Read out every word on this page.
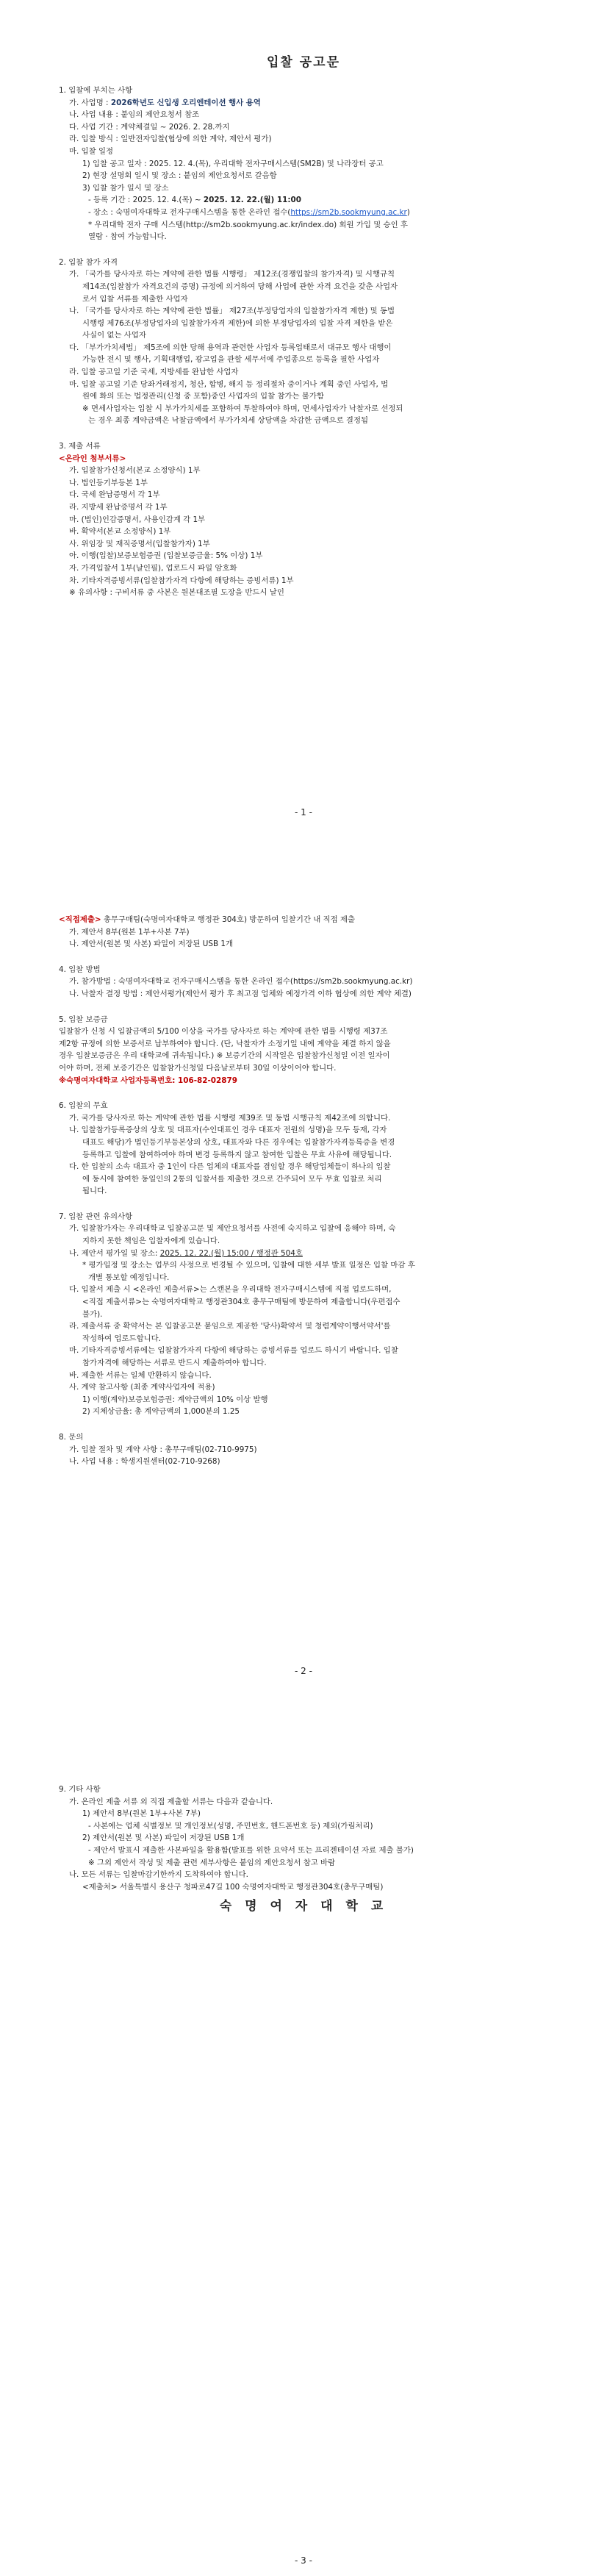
입찰 공고문
1. 입찰에 부치는 사항
가. 사업명 : 2026학년도 신입생 오리엔테이션 행사 용역
나. 사업 내용 : 붙임의 제안요청서 참조
다. 사업 기간 : 계약체결일 ~ 2026. 2. 28.까지
라. 입찰 방식 : 일반전자입찰(협상에 의한 계약, 제안서 평가)
마. 입찰 일정
1) 입찰 공고 일자 : 2025. 12. 4.(목), 우리대학 전자구매시스템(SM2B) 및 나라장터 공고
2) 현장 설명회 일시 및 장소 : 붙임의 제안요청서로 갈음함
3) 입찰 참가 일시 및 장소
- 등록 기간 : 2025. 12. 4.(목) ~ 2025. 12. 22.(월) 11:00
- 장소 : 숙명여자대학교 전자구매시스템을 통한 온라인 접수(https://sm2b.sookmyung.ac.kr)
* 우리대학 전자 구매 시스템(http://sm2b.sookmyung.ac.kr/index.do) 회원 가입 및 승인 후
열람 · 참여 가능합니다.
2. 입찰 참가 자격
가. 「국가를 당사자로 하는 계약에 관한 법률 시행령」 제12조(경쟁입찰의 참가자격) 및 시행규칙
제14조(입찰참가 자격요건의 증명) 규정에 의거하여 당해 사업에 관한 자격 요건을 갖춘 사업자
로서 입찰 서류를 제출한 사업자
나. 「국가를 당사자로 하는 계약에 관한 법률」 제27조(부정당업자의 입찰참가자격 제한) 및 동법
시행령 제76조(부정당업자의 입찰참가자격 제한)에 의한 부정당업자의 입찰 자격 제한을 받은
사실이 없는 사업자
다. 「부가가치세법」 제5조에 의한 당해 용역과 관련한 사업자 등록업태로서 대규모 행사 대행이
가능한 전시 및 행사, 기획대행업, 광고업을 관할 세무서에 주업종으로 등록을 필한 사업자
라. 입찰 공고일 기준 국세, 지방세를 완납한 사업자
마. 입찰 공고일 기준 당좌거래정지, 청산, 합병, 해지 등 정리절차 중이거나 계획 중인 사업자, 법
원에 화의 또는 법정관리(신청 중 포함)중인 사업자의 입찰 참가는 불가함
※ 면세사업자는 입찰 시 부가가치세를 포함하여 투찰하여야 하며, 면세사업자가 낙찰자로 선정되
는 경우 최종 계약금액은 낙찰금액에서 부가가치세 상당액을 차감한 금액으로 결정됨
3. 제출 서류
<온라인 첨부서류>
가. 입찰참가신청서(본교 소정양식) 1부
나. 법인등기부등본 1부
다. 국세 완납증명서 각 1부
라. 지방세 완납증명서 각 1부
마. (법인)인감증명서, 사용인감계 각 1부
바. 확약서(본교 소정양식) 1부
사. 위임장 및 재직증명서(입찰참가자) 1부
아. 이행(입찰)보증보험증권 (입찰보증금율: 5% 이상) 1부
자. 가격입찰서 1부(날인필), 업로드시 파일 암호화
차. 기타자격증빙서류(입찰참가자격 다항에 해당하는 증빙서류) 1부
※ 유의사항 : 구비서류 중 사본은 원본대조필 도장을 반드시 날인
- 1 -
<직접제출> 총무구매팀(숙명여자대학교 행정관 304호) 방문하여 입찰기간 내 직접 제출
가. 제안서 8부(원본 1부+사본 7부)
나. 제안서(원본 및 사본) 파일이 저장된 USB 1개
4. 입찰 방법
가. 참가방법 : 숙명여자대학교 전자구매시스템을 통한 온라인 접수(https://sm2b.sookmyung.ac.kr)
나. 낙찰자 결정 방법 : 제안서평가(제안서 평가 후 최고점 업체와 예정가격 이하 협상에 의한 계약 체결)
5. 입찰 보증금
입찰참가 신청 시 입찰금액의 5/100 이상을 국가를 당사자로 하는 계약에 관한 법률 시행령 제37조
제2항 규정에 의한 보증서로 납부하여야 합니다. (단, 낙찰자가 소정기일 내에 계약을 체결 하지 않을
경우 입찰보증금은 우리 대학교에 귀속됩니다.) ※ 보증기간의 시작일은 입찰참가신청일 이전 일자이
어야 하며, 전체 보증기간은 입찰참가신청일 다음날로부터 30일 이상이어야 합니다.
※숙명여자대학교 사업자등록번호: 106-82-02879
6. 입찰의 무효
가. 국가를 당사자로 하는 계약에 관한 법률 시행령 제39조 및 동법 시행규칙 제42조에 의합니다.
나. 입찰참가등록증상의 상호 및 대표자(수인대표인 경우 대표자 전원의 성명)을 모두 등재, 각자
대표도 해당)가 법인등기부등본상의 상호, 대표자와 다른 경우에는 입찰참가자격등록증을 변경
등록하고 입찰에 참여하여야 하며 변경 등록하지 않고 참여한 입찰은 무효 사유에 해당됩니다.
다. 한 입찰의 소속 대표자 중 1인이 다른 업체의 대표자를 겸임할 경우 해당업체들이 하나의 입찰
에 동시에 참여한 동일인의 2통의 입찰서를 제출한 것으로 간주되어 모두 무효 입찰로 처리
됩니다.
7. 입찰 관련 유의사항
가. 입찰참가자는 우리대학교 입찰공고문 및 제안요청서를 사전에 숙지하고 입찰에 응해야 하며, 숙
지하지 못한 책임은 입찰자에게 있습니다.
나. 제안서 평가일 및 장소: 2025. 12. 22.(월) 15:00 / 행정관 504호
* 평가일정 및 장소는 업무의 사정으로 변경될 수 있으며, 입찰에 대한 세부 발표 일정은 입찰 마감 후
개별 통보할 예정입니다.
다. 입찰서 제출 시 <온라인 제출서류>는 스캔본을 우리대학 전자구매시스템에 직접 업로드하며,
<직접 제출서류>는 숙명여자대학교 행정관304호 총무구매팀에 방문하여 제출합니다(우편접수
불가).
라. 제출서류 중 확약서는 본 입찰공고문 붙임으로 제공한 '당사)확약서 및 청렴계약이행서약서'를
작성하여 업로드합니다.
마. 기타자격증빙서류에는 입찰참가자격 다항에 해당하는 증빙서류를 업로드 하시기 바랍니다. 입찰
참가자격에 해당하는 서류로 반드시 제출하여야 합니다.
바. 제출한 서류는 일체 반환하지 않습니다.
사. 계약 참고사항 (최종 계약사업자에 적용)
1) 이행(계약)보증보험증권: 계약금액의 10% 이상 발행
2) 지체상금율: 총 계약금액의 1,000분의 1.25
8. 문의
가. 입찰 절차 및 계약 사항 : 총무구매팀(02-710-9975)
나. 사업 내용 : 학생지원센터(02-710-9268)
- 2 -
9. 기타 사항
가. 온라인 제출 서류 외 직접 제출할 서류는 다음과 같습니다.
1) 제안서 8부(원본 1부+사본 7부)
- 사본에는 업체 식별정보 및 개인정보(성명, 주민번호, 핸드폰번호 등) 제외(가림처리)
2) 제안서(원본 및 사본) 파일이 저장된 USB 1개
- 제안서 발표시 제출한 사본파일을 활용함(발표를 위한 요약서 또는 프리젠테이션 자료 제출 불가)
※ 그외 제안서 작성 및 제출 관련 세부사항은 붙임의 제안요청서 참고 바람
나. 모든 서류는 입찰마감기한까지 도착하여야 합니다.
<제출처> 서울특별시 용산구 청파로47길 100 숙명여자대학교 행정관304호(총무구매팀)
숙 명 여 자 대 학 교
- 3 -
